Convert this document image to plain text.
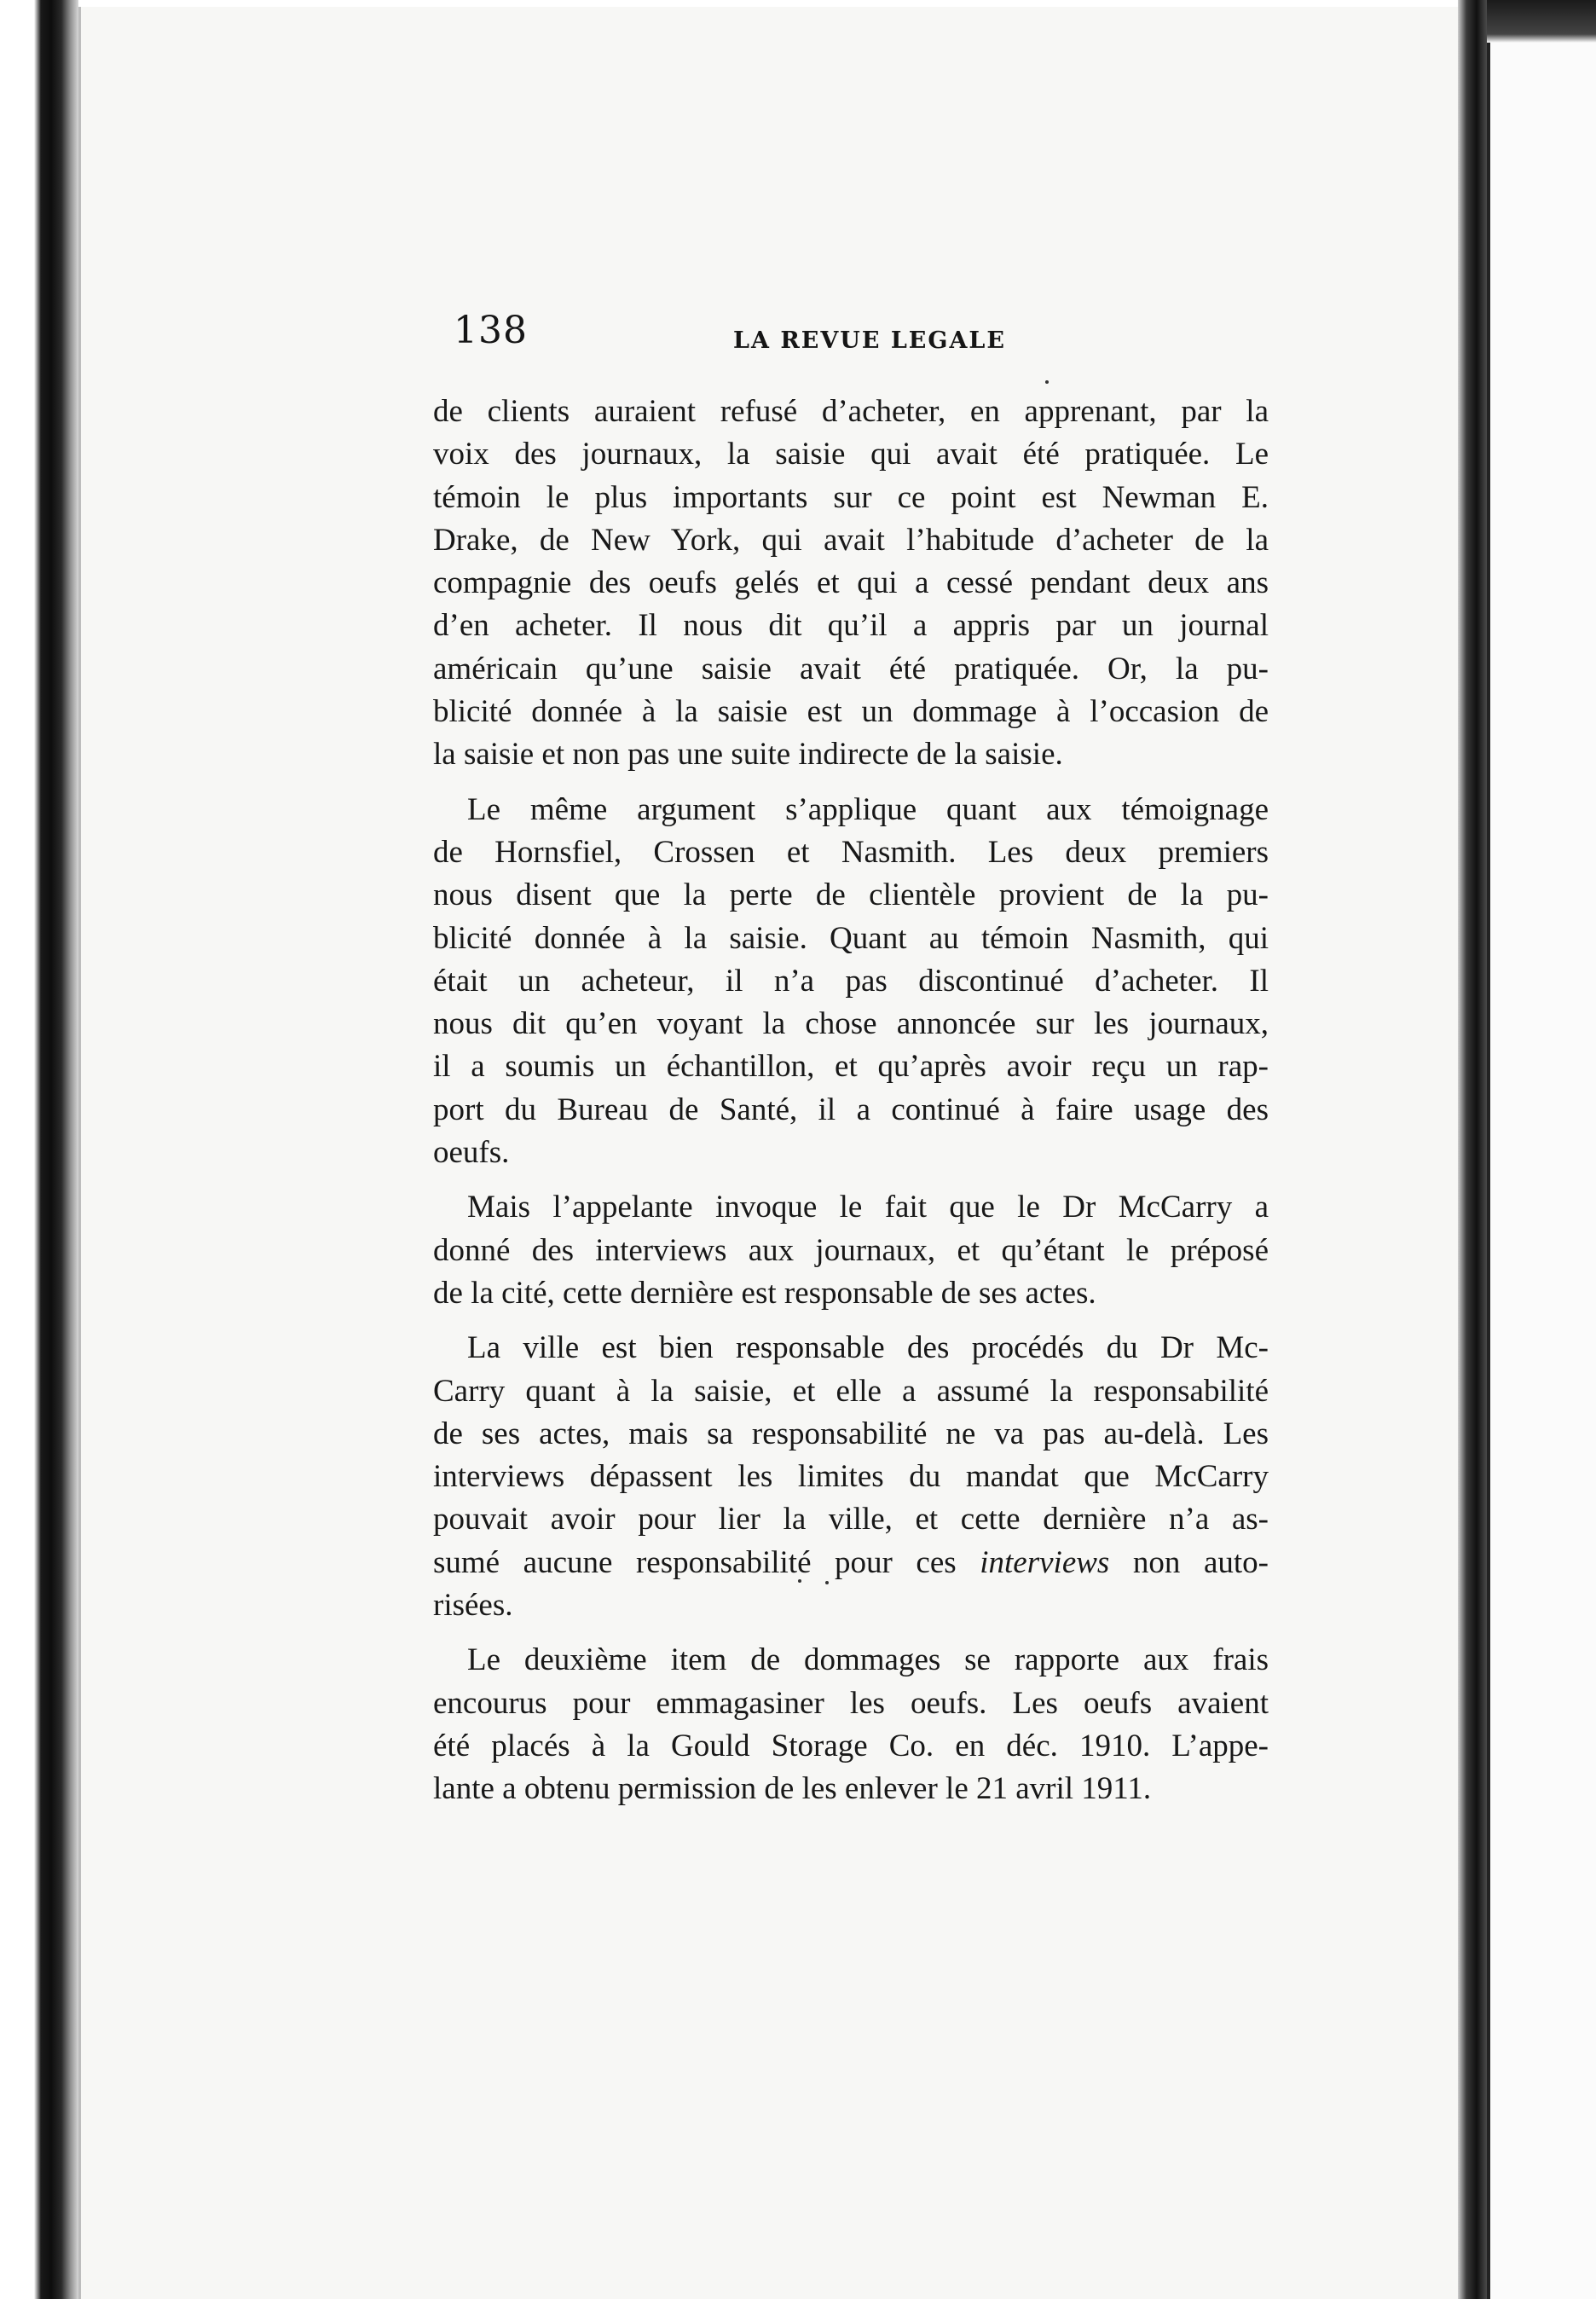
138	LA REVUE LEGALE

de clients auraient refusé d’acheter, en apprenant, par la
voix des journaux, la saisie qui avait été pratiquée. Le
témoin le plus importants sur ce point est Newman E.
Drake, de New York, qui avait l’habitude d’acheter de la
compagnie des oeufs gelés et qui a cessé pendant deux ans
d’en acheter. Il nous dit qu’il a appris par un journal
américain qu’une saisie avait été pratiquée. Or, la pu-
blicité donnée à la saisie est un dommage à l’occasion de
la saisie et non pas une suite indirecte de la saisie.

Le même argument s’applique quant aux témoignage
de Hornsfiel, Crossen et Nasmith. Les deux premiers
nous disent que la perte de clientèle provient de la pu-
blicité donnée à la saisie. Quant au témoin Nasmith, qui
était un acheteur, il n’a pas discontinué d’acheter. Il
nous dit qu’en voyant la chose annoncée sur les journaux,
il a soumis un échantillon, et qu’après avoir reçu un rap-
port du Bureau de Santé, il a continué à faire usage des
oeufs.

Mais l’appelante invoque le fait que le Dr McCarry a
donné des interviews aux journaux, et qu’étant le préposé
de la cité, cette dernière est responsable de ses actes.

La ville est bien responsable des procédés du Dr Mc-
Carry quant à la saisie, et elle a assumé la responsabilité
de ses actes, mais sa responsabilité ne va pas au-delà. Les
interviews dépassent les limites du mandat que McCarry
pouvait avoir pour lier la ville, et cette dernière n’a as-
sumé aucune responsabilité pour ces interviews non auto-
risées.

Le deuxième item de dommages se rapporte aux frais
encourus pour emmagasiner les oeufs. Les oeufs avaient
été placés à la Gould Storage Co. en déc. 1910. L’appe-
lante a obtenu permission de les enlever le 21 avril 1911.
